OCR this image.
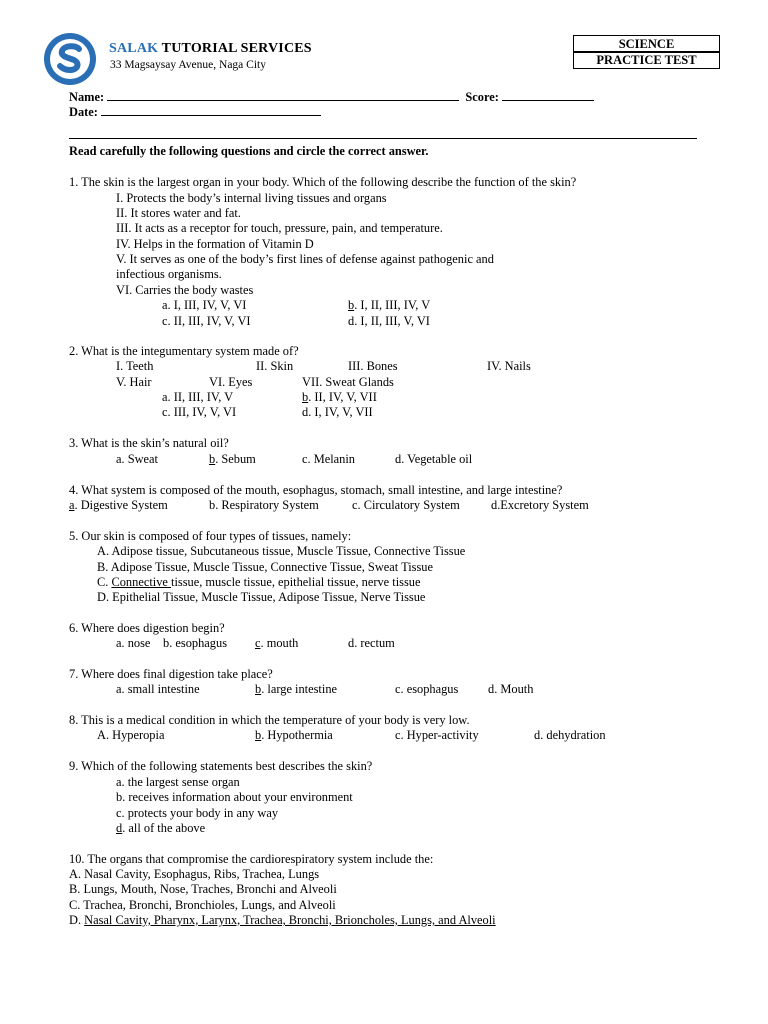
SALAK TUTORIAL SERVICES
33 Magsaysay Avenue, Naga City
SCIENCE
PRACTICE TEST
Name:	Score:
Date:
Read carefully the following questions and circle the correct answer.
1. The skin is the largest organ in your body. Which of the following describe the function of the skin?
I. Protects the body’s internal living tissues and organs
II. It stores water and fat.
III. It acts as a receptor for touch, pressure, pain, and temperature.
IV. Helps in the formation of Vitamin D
V. It serves as one of the body’s first lines of defense against pathogenic and
infectious organisms.
VI. Carries the body wastes
a. I, III, IV, V, VI	b. I, II, III, IV, V
c. II, III, IV, V, VI	d. I, II, III, V, VI
2. What is the integumentary system made of?
I. Teeth	II. Skin	III. Bones	IV. Nails
V. Hair	VI. Eyes	VII. Sweat Glands
a. II, III, IV, V	b. II, IV, V, VII
c. III, IV, V, VI	d. I, IV, V, VII
3. What is the skin’s natural oil?
a. Sweat	b. Sebum	c. Melanin	d. Vegetable oil
4. What system is composed of the mouth, esophagus, stomach, small intestine, and large intestine?
a. Digestive System	b. Respiratory System	c. Circulatory System	d.Excretory System
5. Our skin is composed of four types of tissues, namely:
A. Adipose tissue, Subcutaneous tissue, Muscle Tissue, Connective Tissue
B. Adipose Tissue, Muscle Tissue, Connective Tissue, Sweat Tissue
C. Connective tissue, muscle tissue, epithelial tissue, nerve tissue
D. Epithelial Tissue, Muscle Tissue, Adipose Tissue, Nerve Tissue
6. Where does digestion begin?
a. nose b. esophagus c. mouth	d. rectum
7. Where does final digestion take place?
a. small intestine	b. large intestine	c. esophagus d. Mouth
8. This is a medical condition in which the temperature of your body is very low.
A. Hyperopia	b. Hypothermia	c. Hyper-activity	d. dehydration
9. Which of the following statements best describes the skin?
a. the largest sense organ
b. receives information about your environment
c. protects your body in any way
d. all of the above
10. The organs that compromise the cardiorespiratory system include the:
A. Nasal Cavity, Esophagus, Ribs, Trachea, Lungs
B. Lungs, Mouth, Nose, Traches, Bronchi and Alveoli
C. Trachea, Bronchi, Bronchioles, Lungs, and Alveoli
D. Nasal Cavity, Pharynx, Larynx, Trachea, Bronchi, Brioncholes, Lungs, and Alveoli
